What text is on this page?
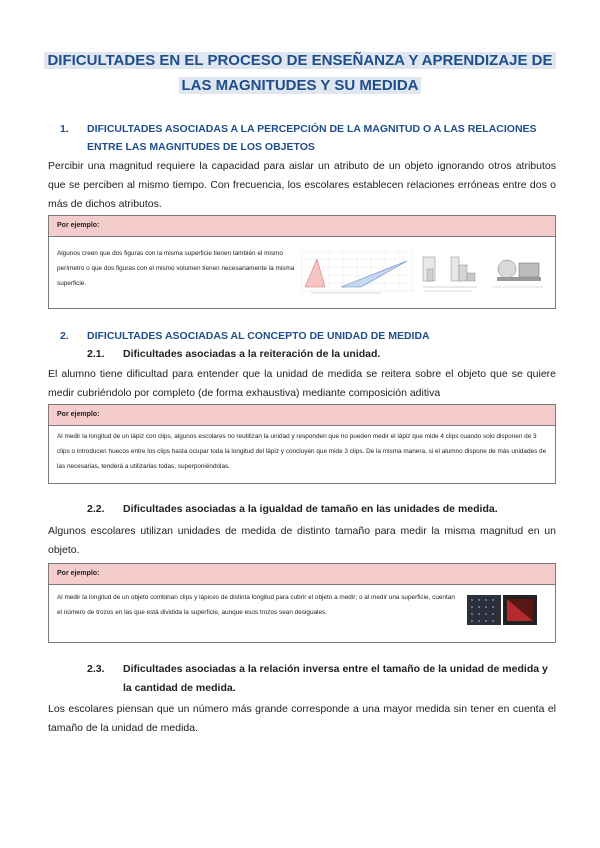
DIFICULTADES EN EL PROCESO DE ENSEÑANZA Y APRENDIZAJE DE
LAS MAGNITUDES Y SU MEDIDA
1. DIFICULTADES ASOCIADAS A LA PERCEPCIÓN DE LA MAGNITUD O A LAS RELACIONES ENTRE LAS MAGNITUDES DE LOS OBJETOS
Percibir una magnitud requiere la capacidad para aislar un atributo de un objeto ignorando otros atributos que se perciben al mismo tiempo. Con frecuencia, los escolares establecen relaciones erróneas entre dos o más de dichos atributos.
Por ejemplo:
Algunos creen que dos figuras con la misma superficie tienen también el mismo perímetro o que dos figuras con el mismo volumen tienen necesariamente la misma superficie.
2. DIFICULTADES ASOCIADAS AL CONCEPTO DE UNIDAD DE MEDIDA
2.1. Dificultades asociadas a la reiteración de la unidad.
El alumno tiene dificultad para entender que la unidad de medida se reitera sobre el objeto que se quiere medir cubriéndolo por completo (de forma exhaustiva) mediante composición aditiva
Por ejemplo:
Al medir la longitud de un lápiz con clips, algunos escolares no reutilizan la unidad y responden que no pueden medir el lápiz que mide 4 clips cuando solo disponen de 3 clips o introducen huecos entre los clips hasta ocupar toda la longitud del lápiz y concluyen que mide 3 clips. De la misma manera, si el alumno dispone de más unidades de las necesarias, tenderá a utilizarlas todas, superponiéndolas.
2.2. Dificultades asociadas a la igualdad de tamaño en las unidades de medida.
Algunos escolares utilizan unidades de medida de distinto tamaño para medir la misma magnitud en un objeto.
Por ejemplo:
Al medir la longitud de un objeto combinan clips y lápices de distinta longitud para cubrir el objeto a medir; o al medir una superficie, cuentan el número de trozos en las que está dividida la superficie, aunque esos trozos sean desiguales.
2.3. Dificultades asociadas a la relación inversa entre el tamaño de la unidad de medida y la cantidad de medida.
Los escolares piensan que un número más grande corresponde a una mayor medida sin tener en cuenta el tamaño de la unidad de medida.
